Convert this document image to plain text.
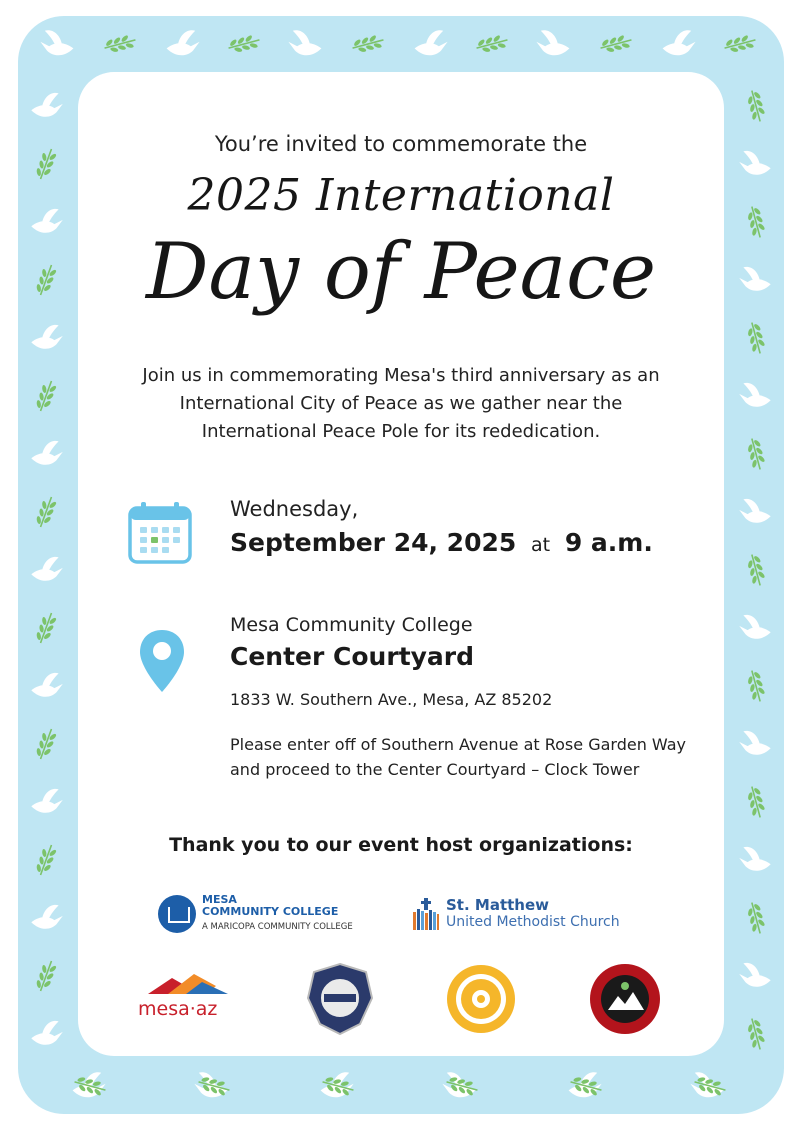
You’re invited to commemorate the
2025 International
Day of Peace
Join us in commemorating Mesa's third anniversary as an
International City of Peace as we gather near the
International Peace Pole for its rededication.
Wednesday,
September 24, 2025 at 9 a.m.
Mesa Community College
Center Courtyard
1833 W. Southern Ave., Mesa, AZ 85202
Please enter off of Southern Avenue at Rose Garden Way
and proceed to the Center Courtyard – Clock Tower
Thank you to our event host organizations:
MESA
COMMUNITY COLLEGE
A MARICOPA COMMUNITY COLLEGE
St. Matthew
United Methodist Church
mesa·az
